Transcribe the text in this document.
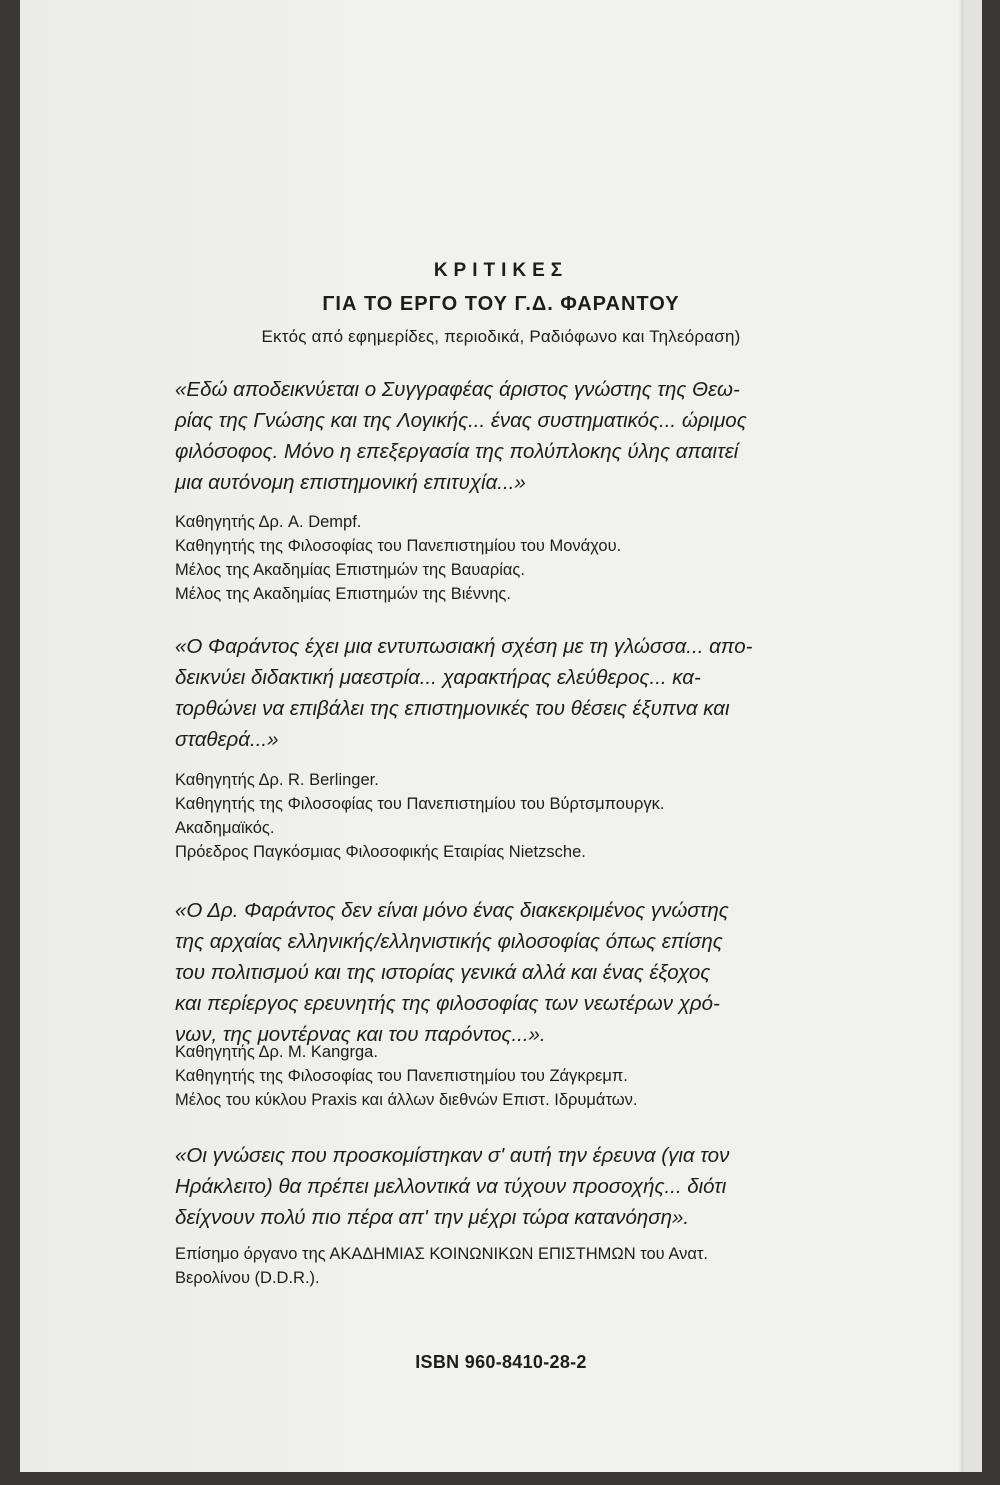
ΚΡΙΤΙΚΕΣ
ΓΙΑ ΤΟ ΕΡΓΟ ΤΟΥ Γ.Δ. ΦΑΡΑΝΤΟΥ
Εκτός από εφημερίδες, περιοδικά, Ραδιόφωνο και Τηλεόραση)
«Εδώ αποδεικνύεται ο Συγγραφέας άριστος γνώστης της Θεω-
ρίας της Γνώσης και της Λογικής... ένας συστηματικός... ώριμος
φιλόσοφος. Μόνο η επεξεργασία της πολύπλοκης ύλης απαιτεί
μια αυτόνομη επιστημονική επιτυχία...»
Καθηγητής Δρ. A. Dempf.
Καθηγητής της Φιλοσοφίας του Πανεπιστημίου του Μονάχου.
Μέλος της Ακαδημίας Επιστημών της Βαυαρίας.
Μέλος της Ακαδημίας Επιστημών της Βιέννης.
«Ο Φαράντος έχει μια εντυπωσιακή σχέση με τη γλώσσα... απο-
δεικνύει διδακτική μαεστρία... χαρακτήρας ελεύθερος... κα-
τορθώνει να επιβάλει της επιστημονικές του θέσεις έξυπνα και
σταθερά...»
Καθηγητής Δρ. R. Berlinger.
Καθηγητής της Φιλοσοφίας του Πανεπιστημίου του Βύρτσμπουργκ.
Ακαδημαϊκός.
Πρόεδρος Παγκόσμιας Φιλοσοφικής Εταιρίας Nietzsche.
«Ο Δρ. Φαράντος δεν είναι μόνο ένας διακεκριμένος γνώστης
της αρχαίας ελληνικής/ελληνιστικής φιλοσοφίας όπως επίσης
του πολιτισμού και της ιστορίας γενικά αλλά και ένας έξοχος
και περίεργος ερευνητής της φιλοσοφίας των νεωτέρων χρό-
νων, της μοντέρνας και του παρόντος...».
Καθηγητής Δρ. M. Kangrga.
Καθηγητής της Φιλοσοφίας του Πανεπιστημίου του Ζάγκρεμπ.
Μέλος του κύκλου Praxis και άλλων διεθνών Επιστ. Ιδρυμάτων.
«Οι γνώσεις που προσκομίστηκαν σ' αυτή την έρευνα (για τον
Ηράκλειτο) θα πρέπει μελλοντικά να τύχουν προσοχής... διότι
δείχνουν πολύ πιο πέρα απ' την μέχρι τώρα κατανόηση».
Επίσημο όργανο της ΑΚΑΔΗΜΙΑΣ ΚΟΙΝΩΝΙΚΩΝ ΕΠΙΣΤΗΜΩΝ του Ανατ.
Βερολίνου (D.D.R.).
ISBN 960-8410-28-2
